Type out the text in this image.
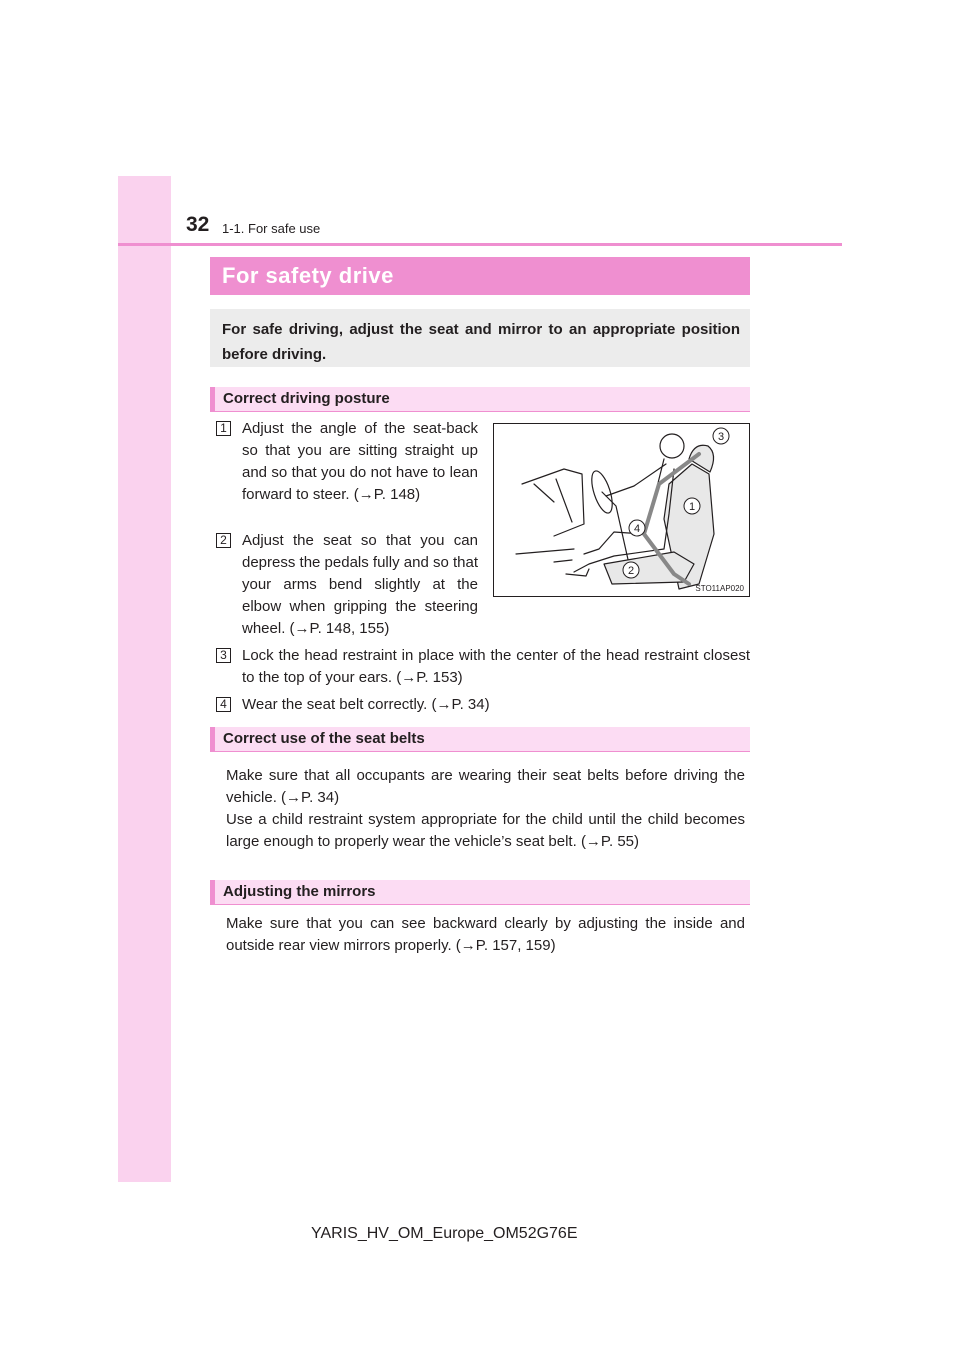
32 1-1. For safe use
For safety drive
For safe driving, adjust the seat and mirror to an appropriate position before driving.
Correct driving posture
1 Adjust the angle of the seat-back so that you are sitting straight up and so that you do not have to lean forward to steer. (→P. 148)
2 Adjust the seat so that you can depress the pedals fully and so that your arms bend slightly at the elbow when gripping the steering wheel. (→P. 148, 155)
3 Lock the head restraint in place with the center of the head restraint closest to the top of your ears. (→P. 153)
4 Wear the seat belt correctly. (→P. 34)
3
1
4
2
STO11AP020
Correct use of the seat belts
Make sure that all occupants are wearing their seat belts before driving the vehicle. (→P. 34)
Use a child restraint system appropriate for the child until the child becomes large enough to properly wear the vehicle’s seat belt. (→P. 55)
Adjusting the mirrors
Make sure that you can see backward clearly by adjusting the inside and outside rear view mirrors properly. (→P. 157, 159)
YARIS_HV_OM_Europe_OM52G76E
